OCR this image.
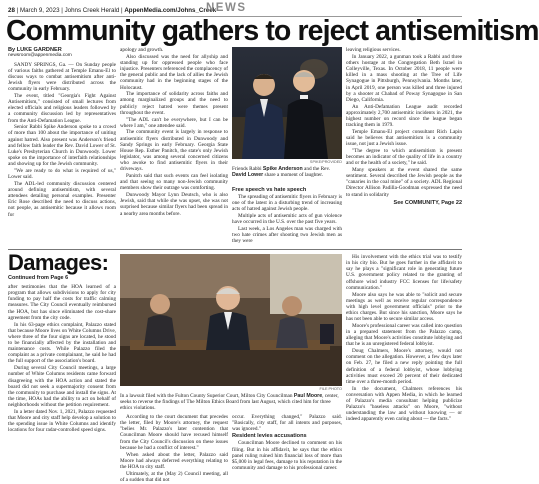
28 | March 9, 2023 | Johns Creek Herald | AppenMedia.com/Johns_Creek
NEWS
Community gathers to reject antisemitism
By LUKE GARDNER
newsroom@appenmedia.com

SANDY SPRINGS, Ga. — On Sunday people of various faiths gathered at Temple Emanu-El to discuss ways to combat antisemitism after anti-Jewish flyers were distributed across the community in early February.

The event, titled "Georgia's Fight Against Antisemitism," consisted of small lectures from elected officials and religious leaders followed by a community discussion led by representatives from the Anti-Defamation League.

Senior Rabbi Spike Anderson spoke to a crowd of more than 100 about the importance of uniting against hatred. Also present was Anderson's friend and fellow faith leader the Rev. David Lower of St. Luke's Presbyterian Church in Dunwoody. Lower spoke on the importance of interfaith relationships and showing up for the Jewish community.

"We are ready to do what is required of us," Lower said.

The ADL-led community discussion centered around defining antisemitism, with several attendees detailing personal examples. Presenter Eric Rose described the need to discuss actions, not people, as antisemitic because it allows room for

apology and growth.

Also discussed was the need for allyship and standing up for oppressed people who face injustice. Presenters referenced the complacency of the general public and the lack of allies the Jewish community had in the beginning stages of the Holocaust.

The importance of solidarity across faiths and among marginalized groups and the need to publicly reject hatred were themes present throughout the event.

"The ADL can't be everywhere, but I can be where I am," one attendee said.

The community event is largely in response to antisemitic flyers distributed in Dunwoody and Sandy Springs in early February. Georgia State House Rep. Esther Panitch, the state's only Jewish legislator, was among several concerned citizens who awoke to find antisemitic flyers in their driveways.

Panitch said that such events can feel isolating and that seeing so many non-Jewish community members show their outrage was comforting.

Dunwoody Mayor Lynn Deutsch, who is also Jewish, said that while she was upset, she was not surprised because similar flyers had been spread in a nearby area months before.

SPIKE/PROVIDED
Friends Rabbi Spike Anderson and the Rev. David Lower share a moment of laughter.
Free speech vs hate speech

The spreading of antisemitic flyers in February is one of the latest in a disturbing trend of increasing acts of hatred against Jewish people.

Multiple acts of antisemitic acts of gun violence have occurred in the U.S. over the past five years.

Last week, a Los Angeles man was charged with two hate crimes after shooting two Jewish men as they were

leaving religious services.

In January 2022, a gunman took a Rabbi and three others hostage at the Congregation Beth Israel in Colleyville, Texas. In October 2018, 11 people were killed in a mass shooting at the Tree of Life Synagogue in Pittsburgh, Pennsylvania. Months later, in April 2019, one person was killed and three injured by a shooter at Chabad of Poway Synagogue in San Diego, California.

An Anti-Defamation League audit recorded approximately 2,700 antisemitic incidents in 2021, the highest number on record since the league began tracking them in 1979.

Temple Emanu-El project consultant Rich Lapin said he believes that antisemitism is a community issue, not just a Jewish issue.

"The degree to which antisemitism is present becomes an indicator of the quality of life in a country and or the health of a society," he said.

Many speakers at the event shared the same sentiment. Several described the Jewish people as the "canaries in the coal mine" of a society. ADL Regional Director Allison Padilla-Goodman expressed the need to stand in solidarity

See COMMUNITY, Page 22
Damages:
Continued from Page 6

after testimonies that the HOA learned of a program that allows subdivisions to apply for city funding to pay half the costs for traffic calming measures. The City Council eventually reimbursed the HOA, but has since eliminated the cost-share agreement from the city code.

In his 63-page ethics complaint, Palazzo stated that because Moore lives on White Columns Drive, where three of the four signs are located, he stood to be financially affected by the installation and maintenance costs. While Palazzo filed the complaint as a private complainant, he said he had the full support of the association's board.

During several City Council meetings, a large number of White Columns residents came forward disagreeing with the HOA action and stated the board did not seek a supermajority consent from the community to purchase and install the signs. At the time, HOAs had the ability to act on behalf of neighborhoods without the petition requirement.

In a letter dated Nov. 1, 2021, Palazzo requested that Moore and city staff help develop a solution to the spending issue in White Columns and identify locations for four radar-controlled speed signs.

FILE PHOTO
In a lawsuit filed with the Fulton County Superior Court, Milton City Councilman Paul Moore, center, seeks to reverse the findings of The Milton Ethics Board from last August, which cited him for three ethics violations.

According to the court document that precedes the letter, filed by Moore's attorney, the request "belies Mr. Palazzo's later contention that Councilman Moore should have recused himself from the City Council's discussion on these issues because he had a conflict of interest."

When asked about the letter, Palazzo said Moore had always deferred everything relating to the HOA to city staff.

Ultimately, at the (May 2) Council meeting, all of a sudden that did not

occur. Everything changed," Palazzo said. "Basically, city staff, for all intents and purposes, was ignored."

Resident levies accusations

Councilman Moore declined to comment on his filing. But in his affidavit, he says that the ethics panel ruling ruined him financial loss of more than $5,000 in legal fees, damage to his reputation in the community and damage to his professional career.

His involvement with the ethics trial was to testify in his city bio. But he goes further in the affidavit to say he plays a "significant role in generating future U.S. government policy related to the granting of offshore wind industry FCC licenses for life/safety communication."

Moore also says he was able to "solicit and secure meetings as well as receive regular correspondence with high level government officials" prior to the ethics charges. But since his sanction, Moore says he has not been able to secure similar access.

Moore's professional career was called into question in a prepared statement from the Palazzo camp, alleging that Moore's activities constitute lobbying and that he is an unregistered federal lobbyist.

Doug Chalmers, Moore's attorney, would not comment on the allegation. However, a few days later on Feb. 27, he filed a new reply pointing the full definition of a federal lobbyist, whose lobbying activities must exceed 20 percent of their dedicated time over a three-month period.

In the document, Chalmers references his conversation with Appen Media, in which he learned of Palazzo's media consultant helping publicize Palazzo's "baseless attacks" on Moore, "without understanding the law and without knowing — or indeed apparently even caring about — the facts."
